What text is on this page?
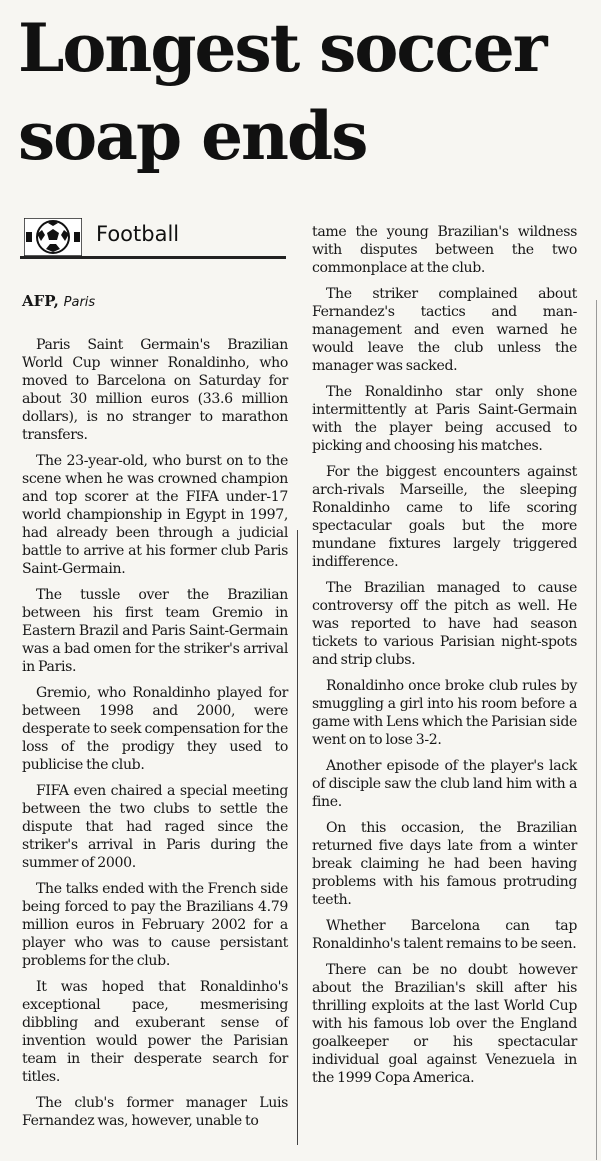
Longest soccer
soap ends
Football
AFP, Paris

Paris Saint Germain's Brazilian World Cup winner Ronaldinho, who moved to Barcelona on Saturday for about 30 million euros (33.6 million dollars), is no stranger to marathon transfers.

The 23-year-old, who burst on to the scene when he was crowned champion and top scorer at the FIFA under-17 world championship in Egypt in 1997, had already been through a judicial battle to arrive at his former club Paris Saint-Germain.

The tussle over the Brazilian between his first team Gremio in Eastern Brazil and Paris Saint-Germain was a bad omen for the striker's arrival in Paris.

Gremio, who Ronaldinho played for between 1998 and 2000, were desperate to seek compensation for the loss of the prodigy they used to publicise the club.

FIFA even chaired a special meeting between the two clubs to settle the dispute that had raged since the striker's arrival in Paris during the summer of 2000.

The talks ended with the French side being forced to pay the Brazilians 4.79 million euros in February 2002 for a player who was to cause persistant problems for the club.

It was hoped that Ronaldinho's exceptional pace, mesmerising dibbling and exuberant sense of invention would power the Parisian team in their desperate search for titles.

The club's former manager Luis Fernandez was, however, unable to

tame the young Brazilian's wildness with disputes between the two commonplace at the club.

The striker complained about Fernandez's tactics and man-management and even warned he would leave the club unless the manager was sacked.

The Ronaldinho star only shone intermittently at Paris Saint-Germain with the player being accused to picking and choosing his matches.

For the biggest encounters against arch-rivals Marseille, the sleeping Ronaldinho came to life scoring spectacular goals but the more mundane fixtures largely triggered indifference.

The Brazilian managed to cause controversy off the pitch as well. He was reported to have had season tickets to various Parisian night-spots and strip clubs.

Ronaldinho once broke club rules by smuggling a girl into his room before a game with Lens which the Parisian side went on to lose 3-2.

Another episode of the player's lack of disciple saw the club land him with a fine.

On this occasion, the Brazilian returned five days late from a winter break claiming he had been having problems with his famous protruding teeth.

Whether Barcelona can tap Ronaldinho's talent remains to be seen.

There can be no doubt however about the Brazilian's skill after his thrilling exploits at the last World Cup with his famous lob over the England goalkeeper or his spectacular individual goal against Venezuela in the 1999 Copa America.
